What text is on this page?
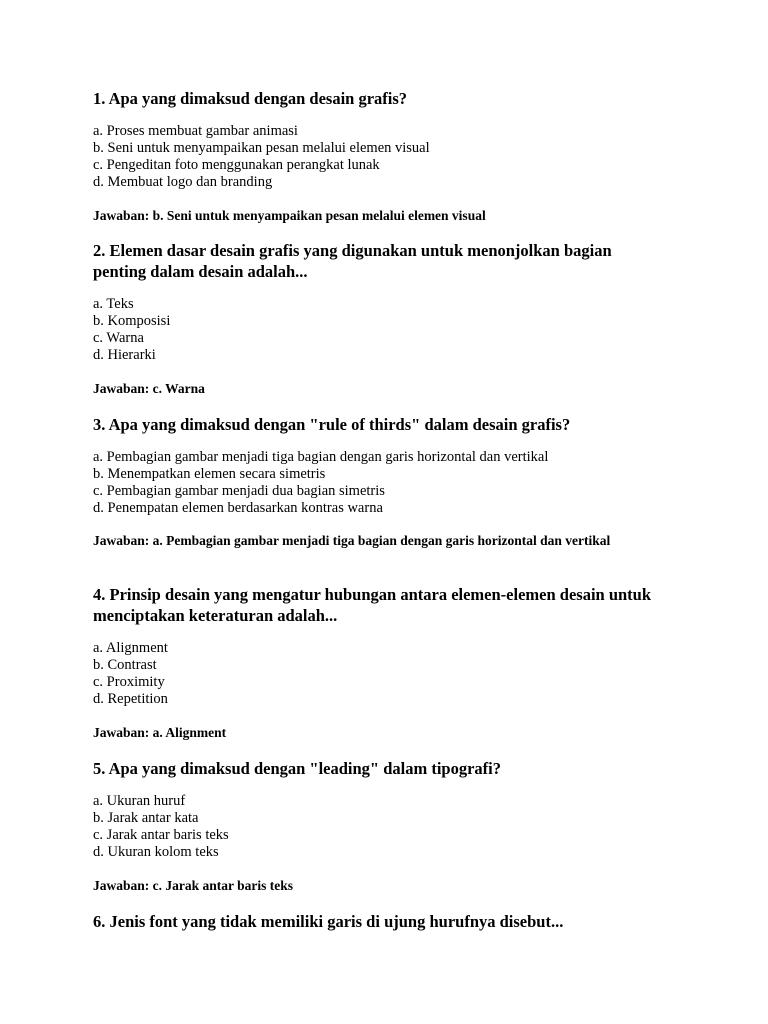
1. Apa yang dimaksud dengan desain grafis?

a. Proses membuat gambar animasi
b. Seni untuk menyampaikan pesan melalui elemen visual
c. Pengeditan foto menggunakan perangkat lunak
d. Membuat logo dan branding

Jawaban: b. Seni untuk menyampaikan pesan melalui elemen visual

2. Elemen dasar desain grafis yang digunakan untuk menonjolkan bagian penting dalam desain adalah...

a. Teks
b. Komposisi
c. Warna
d. Hierarki

Jawaban: c. Warna

3. Apa yang dimaksud dengan "rule of thirds" dalam desain grafis?

a. Pembagian gambar menjadi tiga bagian dengan garis horizontal dan vertikal
b. Menempatkan elemen secara simetris
c. Pembagian gambar menjadi dua bagian simetris
d. Penempatan elemen berdasarkan kontras warna

Jawaban: a. Pembagian gambar menjadi tiga bagian dengan garis horizontal dan vertikal

4. Prinsip desain yang mengatur hubungan antara elemen-elemen desain untuk menciptakan keteraturan adalah...

a. Alignment
b. Contrast
c. Proximity
d. Repetition

Jawaban: a. Alignment

5. Apa yang dimaksud dengan "leading" dalam tipografi?

a. Ukuran huruf
b. Jarak antar kata
c. Jarak antar baris teks
d. Ukuran kolom teks

Jawaban: c. Jarak antar baris teks

6. Jenis font yang tidak memiliki garis di ujung hurufnya disebut...
